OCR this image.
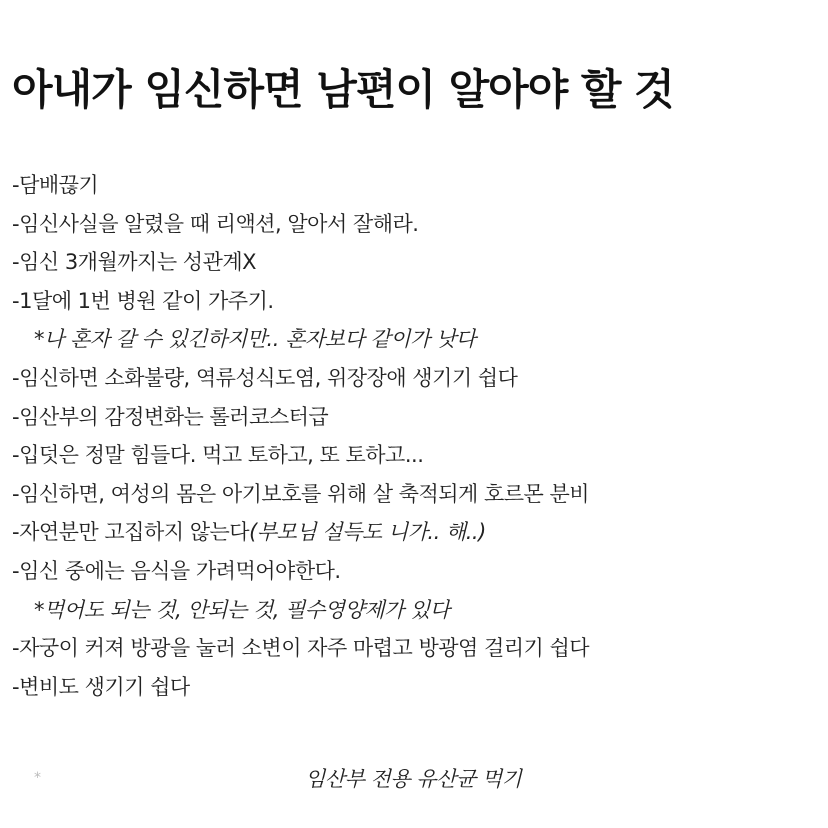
아내가 임신하면 남편이 알아야 할 것
-담배끊기
-임신사실을 알렸을 때 리액션, 알아서 잘해라.
-임신 3개월까지는 성관계X
-1달에 1번 병원 같이 가주기.
*나 혼자 갈 수 있긴하지만.. 혼자보다 같이가 낫다
-임신하면 소화불량, 역류성식도염, 위장장애 생기기 쉽다
-임산부의 감정변화는 롤러코스터급
-입덧은 정말 힘들다. 먹고 토하고, 또 토하고...
-임신하면, 여성의 몸은 아기보호를 위해 살 축적되게 호르몬 분비
-자연분만 고집하지 않는다(부모님 설득도 니가.. 해..)
-임신 중에는 음식을 가려먹어야한다.
*먹어도 되는 것, 안되는 것, 필수영양제가 있다
-자궁이 커져 방광을 눌러 소변이 자주 마렵고 방광염 걸리기 쉽다
-변비도 생기기 쉽다
*	임산부 전용 유산균 먹기
